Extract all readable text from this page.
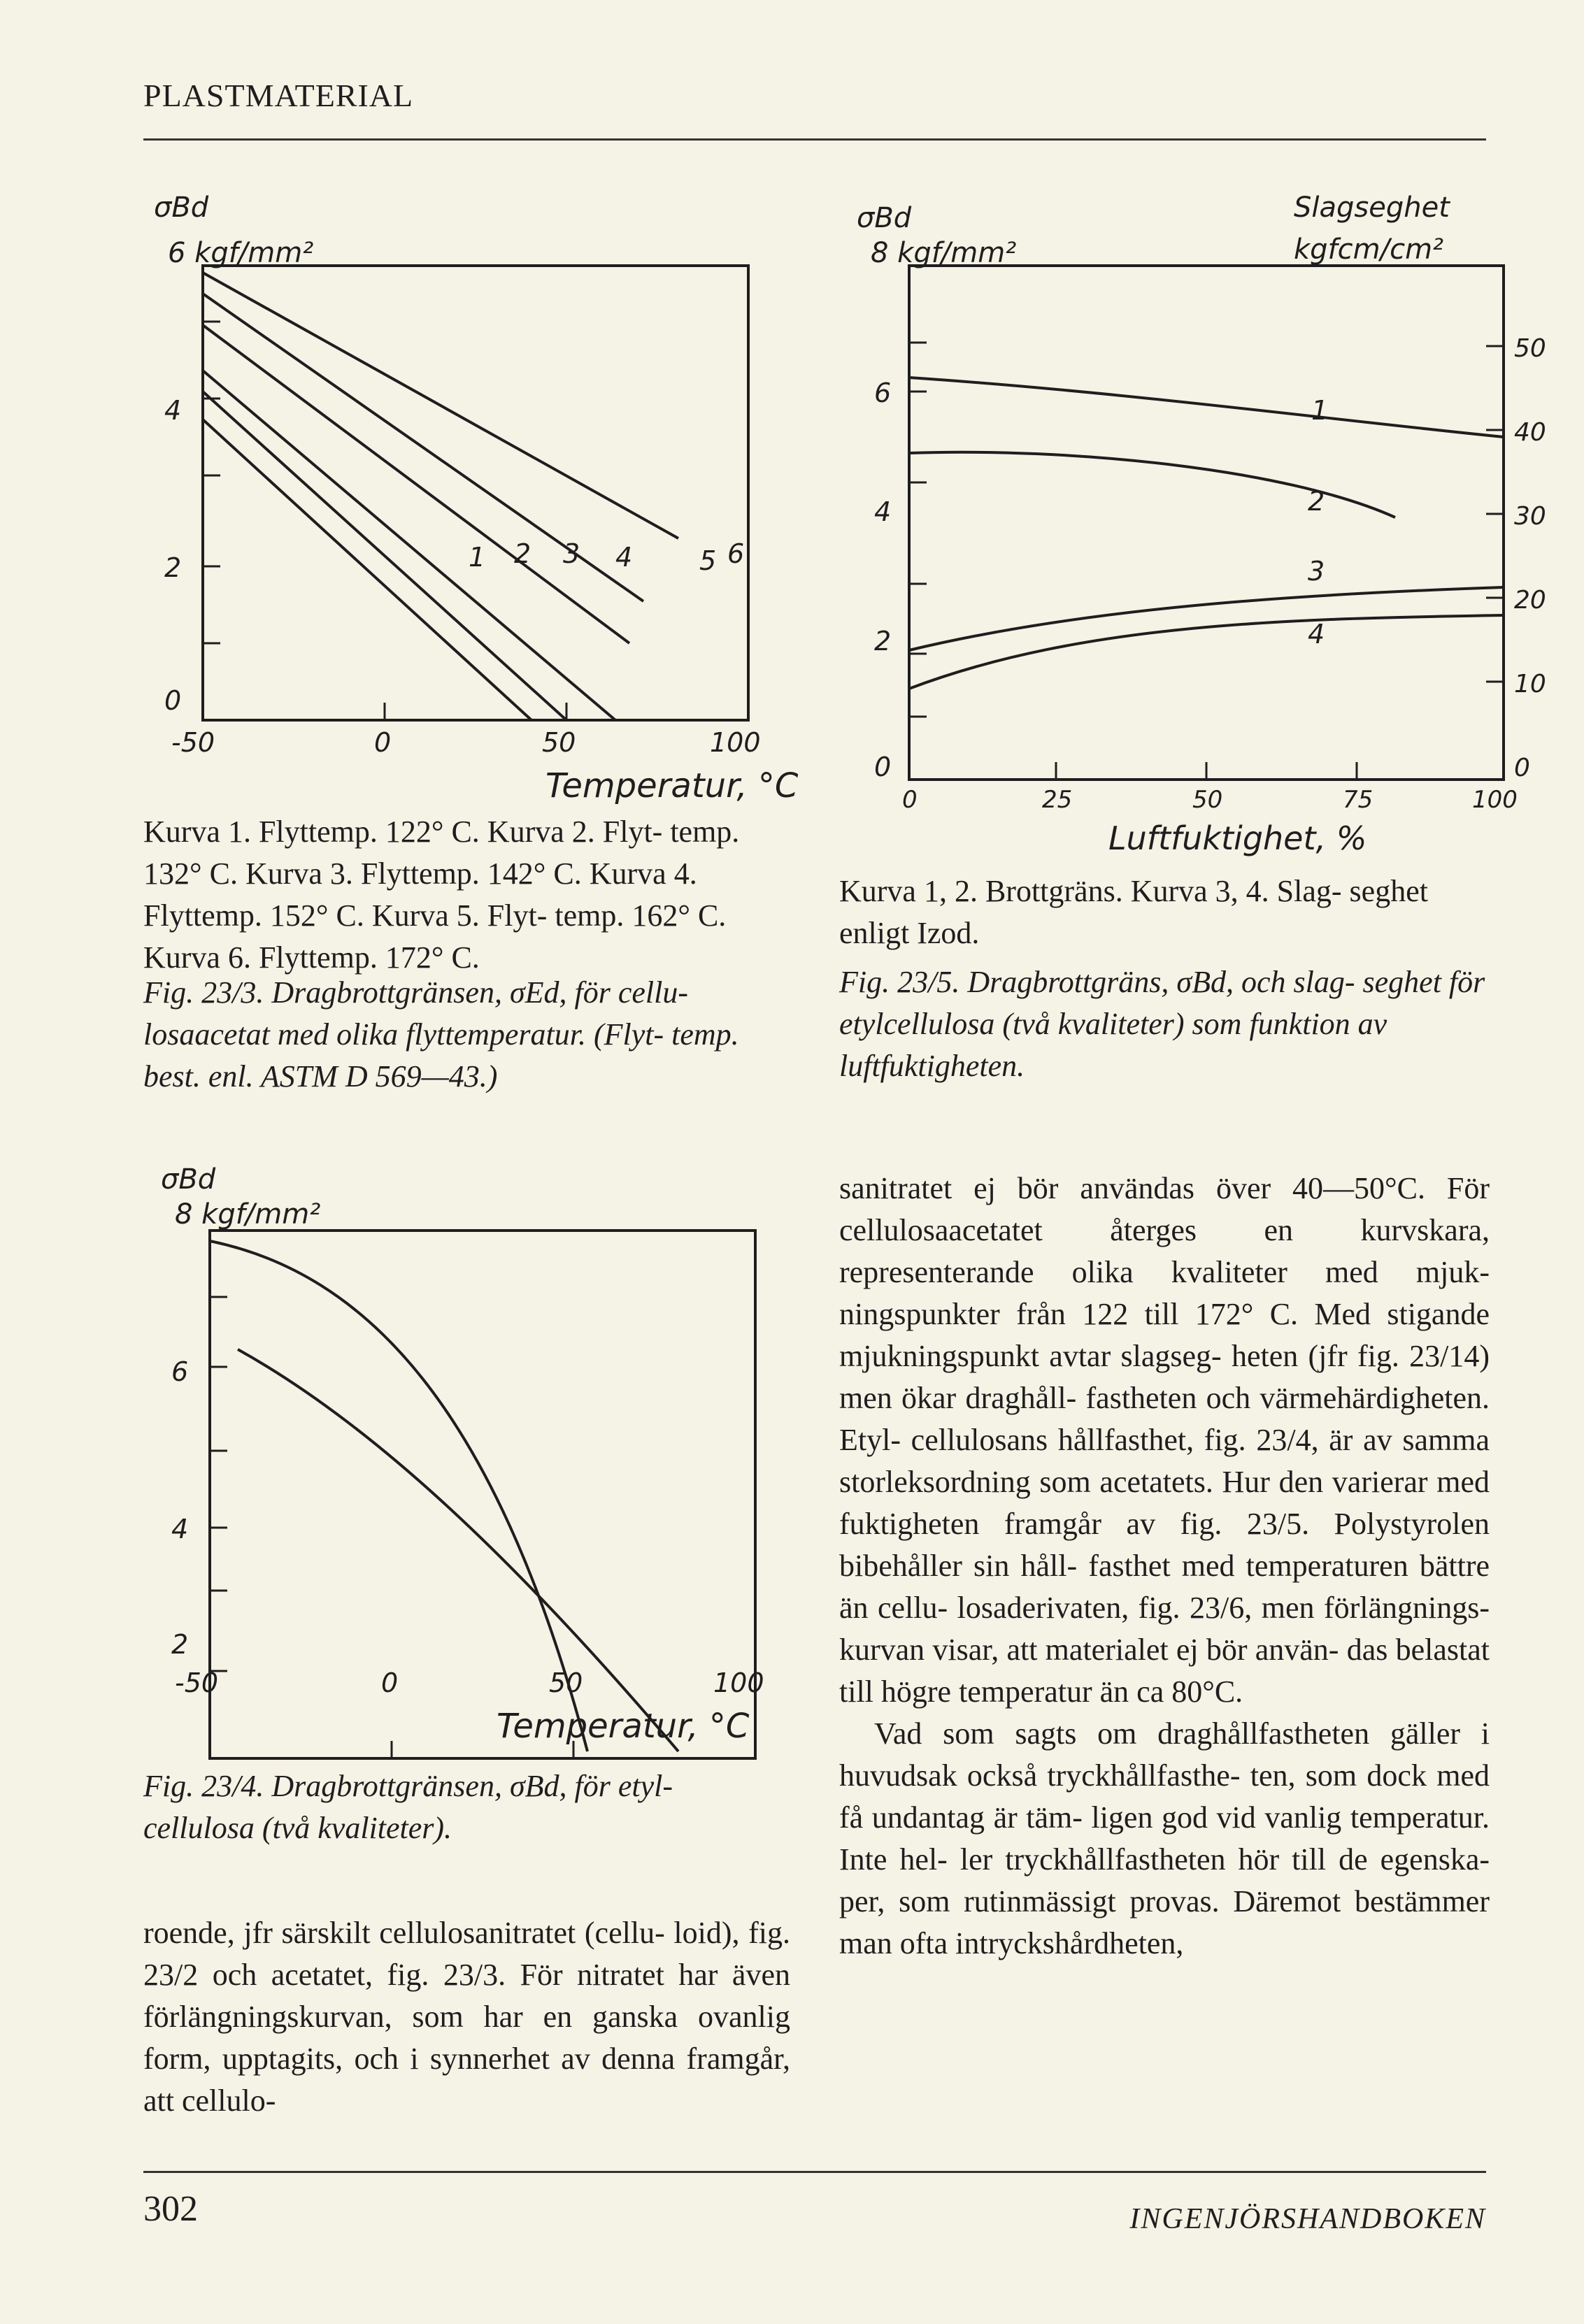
PLASTMATERIAL
σBd
6 kgf/mm²
1 2 3 4	5 6
4
2
0
-50	0	50	100
Temperatur, °C
Kurva 1. Flyttemp. 122° C. Kurva 2. Flyt- temp. 132° C. Kurva 3. Flyttemp. 142° C. Kurva 4. Flyttemp. 152° C. Kurva 5. Flyt- temp. 162° C. Kurva 6. Flyttemp. 172° C.
Fig. 23/3. Dragbrottgränsen, σEd, för cellu- losaacetat med olika flyttemperatur. (Flyt- temp. best. enl. ASTM D 569—43.)
σBd
8 kgf/mm²
Slagseghet
kgfcm/cm²
1
2
3
4
6
4
2
50
40
30
20
10
0
0
0	25	50	75	100
Luftfuktighet, %
Kurva 1, 2. Brottgräns. Kurva 3, 4. Slag- seghet enligt Izod.
Fig. 23/5. Dragbrottgräns, σBd, och slag- seghet för etylcellulosa (två kvaliteter) som funktion av luftfuktigheten.
σBd
8 kgf/mm²
6
4
2
-50	0	50	100
Temperatur, °C
Fig. 23/4. Dragbrottgränsen, σBd, för etyl- cellulosa (två kvaliteter).

roende, jfr särskilt cellulosanitratet (cellu- loid), fig. 23/2 och acetatet, fig. 23/3. För nitratet har även förlängningskurvan, som har en ganska ovanlig form, upptagits, och i synnerhet av denna framgår, att cellulo-

sanitratet ej bör användas över 40—50°C. För cellulosaacetatet återges en kurvskara, representerande olika kvaliteter med mjuk- ningspunkter från 122 till 172° C. Med stigande mjukningspunkt avtar slagseg- heten (jfr fig. 23/14) men ökar draghåll- fastheten och värmehärdigheten. Etyl- cellulosans hållfasthet, fig. 23/4, är av samma storleksordning som acetatets. Hur den varierar med fuktigheten framgår av fig. 23/5. Polystyrolen bibehåller sin håll- fasthet med temperaturen bättre än cellu- losaderivaten, fig. 23/6, men förlängnings- kurvan visar, att materialet ej bör använ- das belastat till högre temperatur än ca 80°C.

Vad som sagts om draghållfastheten gäller i huvudsak också tryckhållfasthe- ten, som dock med få undantag är täm- ligen god vid vanlig temperatur. Inte hel- ler tryckhållfastheten hör till de egenska- per, som rutinmässigt provas. Däremot bestämmer man ofta intryckshårdheten,

302	INGENJÖRSHANDBOKEN
